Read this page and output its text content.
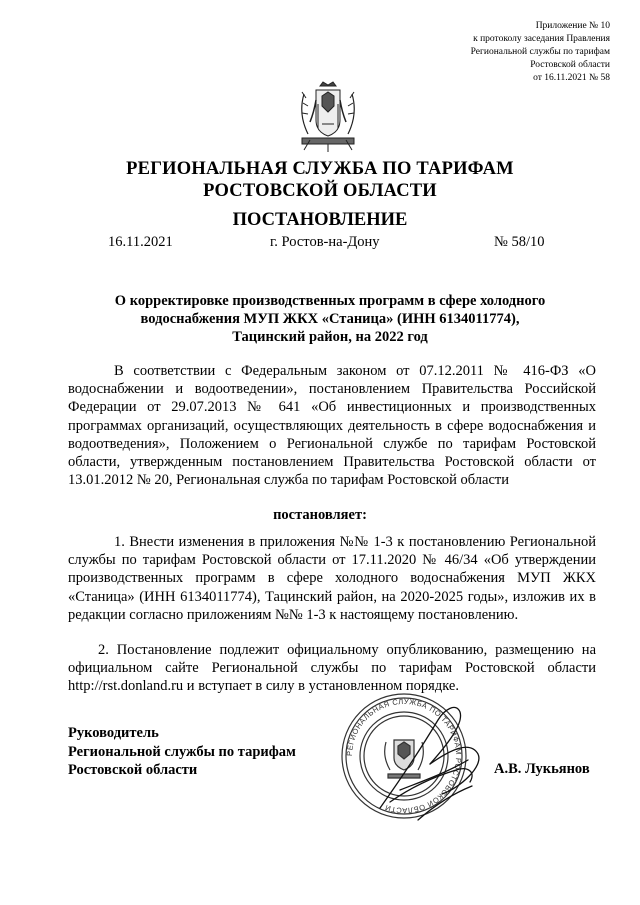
Приложение № 10
к протоколу заседания Правления
Региональной службы по тарифам
Ростовской области
от 16.11.2021 № 58
РЕГИОНАЛЬНАЯ СЛУЖБА ПО ТАРИФАМ
РОСТОВСКОЙ ОБЛАСТИ
ПОСТАНОВЛЕНИЕ
16.11.2021	г. Ростов-на-Дону	№ 58/10
О корректировке производственных программ в сфере холодного
водоснабжения МУП ЖКХ «Станица» (ИНН 6134011774),
Тацинский район, на 2022 год

В соответствии с Федеральным законом от 07.12.2011 № 416-ФЗ «О водоснабжении и водоотведении», постановлением Правительства Российской Федерации от 29.07.2013 № 641 «Об инвестиционных и производственных программах организаций, осуществляющих деятельность в сфере водоснабжения и водоотведения», Положением о Региональной службе по тарифам Ростовской области, утвержденным постановлением Правительства Ростовской области от 13.01.2012 № 20, Региональная служба по тарифам Ростовской области

постановляет:

1. Внести изменения в приложения №№ 1-3 к постановлению Региональной службы по тарифам Ростовской области от 17.11.2020 № 46/34 «Об утверждении производственных программ в сфере холодного водоснабжения МУП ЖКХ «Станица» (ИНН 6134011774), Тацинский район, на 2020-2025 годы», изложив их в редакции согласно приложениям №№ 1-3 к настоящему постановлению.

2. Постановление подлежит официальному опубликованию, размещению на официальном сайте Региональной службы по тарифам Ростовской области http://rst.donland.ru и вступает в силу в установленном порядке.

РЕГИОНАЛЬНАЯ СЛУЖБА ПО ТАРИФАМ РОСТОВСКОЙ ОБЛАСТИ
Руководитель
Региональной службы по тарифам
Ростовской области	А.В. Лукьянов
